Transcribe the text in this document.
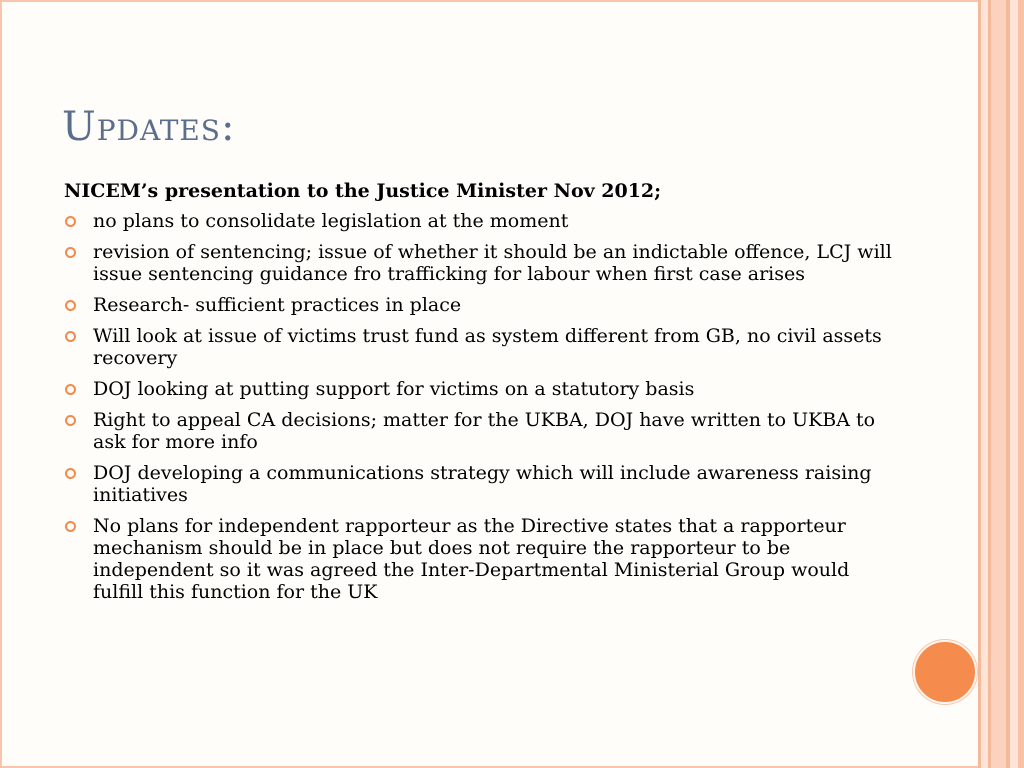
Updates:

NICEM’s presentation to the Justice Minister Nov 2012;

no plans to consolidate legislation at the moment
revision of sentencing; issue of whether it should be an indictable offence, LCJ will issue sentencing guidance fro trafficking for labour when first case arises
Research- sufficient practices in place
Will look at issue of victims trust fund as system different from GB, no civil assets recovery
DOJ looking at putting support for victims on a statutory basis
Right to appeal CA decisions; matter for the UKBA, DOJ have written to UKBA to ask for more info
DOJ developing a communications strategy which will include awareness raising initiatives
No plans for independent rapporteur as the Directive states that a rapporteur mechanism should be in place but does not require the rapporteur to be independent so it was agreed the Inter-Departmental Ministerial Group would fulfill this function for the UK
